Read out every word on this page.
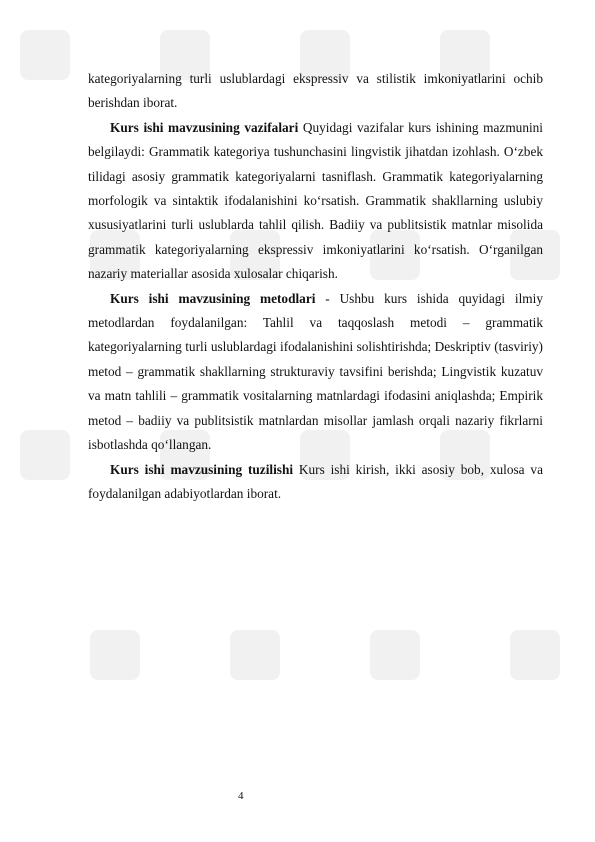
kategoriyalarning turli uslublardagi ekspressiv va stilistik imkoniyatlarini ochib berishdan iborat.

Kurs ishi mavzusining vazifalari Quyidagi vazifalar kurs ishining mazmunini belgilaydi: Grammatik kategoriya tushunchasini lingvistik jihatdan izohlash. O‘zbek tilidagi asosiy grammatik kategoriyalarni tasniflash. Grammatik kategoriyalarning morfologik va sintaktik ifodalanishini ko‘rsatish. Grammatik shakllarning uslubiy xususiyatlarini turli uslublarda tahlil qilish. Badiiy va publitsistik matnlar misolida grammatik kategoriyalarning ekspressiv imkoniyatlarini ko‘rsatish. O‘rganilgan nazariy materiallar asosida xulosalar chiqarish.

Kurs ishi mavzusining metodlari - Ushbu kurs ishida quyidagi ilmiy metodlardan foydalanilgan: Tahlil va taqqoslash metodi – grammatik kategoriyalarning turli uslublardagi ifodalanishini solishtirishda; Deskriptiv (tasviriy) metod – grammatik shakllarning strukturaviy tavsifini berishda; Lingvistik kuzatuv va matn tahlili – grammatik vositalarning matnlardagi ifodasini aniqlashda; Empirik metod – badiiy va publitsistik matnlardan misollar jamlash orqali nazariy fikrlarni isbotlashda qo‘llangan.

Kurs ishi mavzusining tuzilishi Kurs ishi kirish, ikki asosiy bob, xulosa va foydalanilgan adabiyotlardan iborat.

4
